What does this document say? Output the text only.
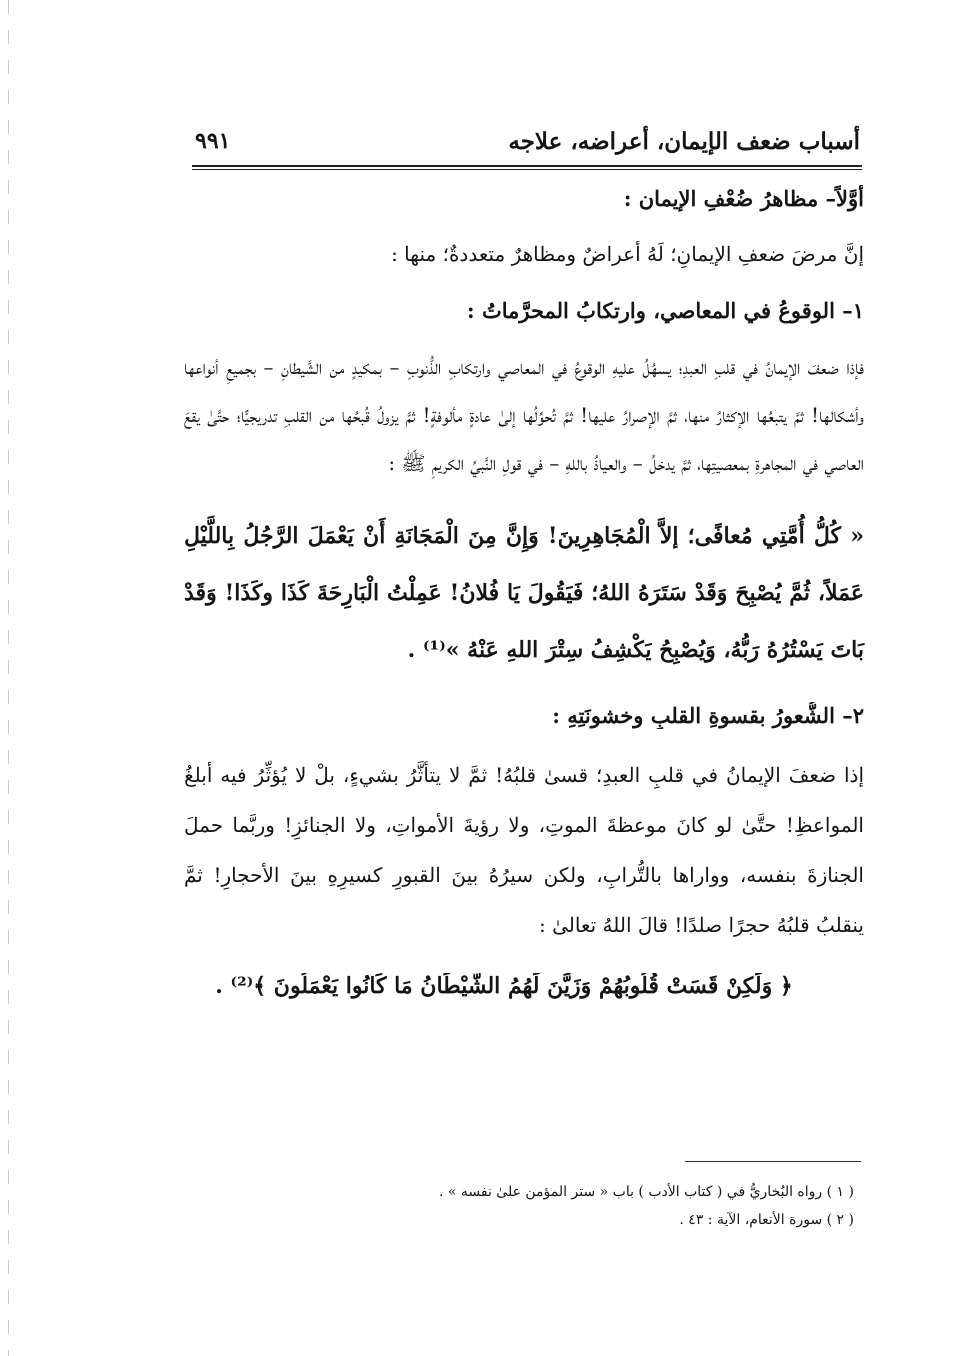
أسباب ضعف الإيمان، أعراضه، علاجه
٩٩١
أَوَّلاً– مظاهرُ ضُعْفِ الإيمان :
إنَّ مرضَ ضعفِ الإيمانِ؛ لَهُ أعراضٌ ومظاهرٌ متعددةٌ؛ منها :
١– الوقوعُ في المعاصي، وارتكابُ المحرَّماتُ :
فإذا ضعفَ الإيمانُ في قلبِ العبدِ؛ يسهُلُ عليهِ الوقوعُ في المعاصي وارتكابِ الذُّنوبِ – بمكيدٍ من الشَّيطانِ – بجميعِ أنواعها وأشكالها! ثمَّ يتبعُها الإكثارُ منها، ثمَّ الإصرارُ عليها! ثمَّ تُحوِّلُها إلىٰ عادةٍ مألوفةٍ! ثمَّ يزولُ قُبحُها من القلبِ تدريجيًّا؛ حتَّىٰ يقعَ العاصي في المجاهرةِ بمعصيتِها، ثمَّ يدخلُ – والعياذُ باللهِ – في قولِ النَّبيِّ الكريمِ ﷺ :
« كُلُّ أُمَّتِي مُعافًى؛ إلاَّ الْمُجَاهِرِينَ! وَإِنَّ مِنَ الْمَجَانَةِ أَنْ يَعْمَلَ الرَّجُلُ بِاللَّيْلِ عَمَلاً، ثُمَّ يُصْبِحَ وَقَدْ سَتَرَهُ اللهُ؛ فَيَقُولَ يَا فُلانُ! عَمِلْتُ الْبَارِحَةَ كَذَا وكَذَا! وَقَدْ بَاتَ يَسْتُرُهُ رَبُّهُ، وَيُصْبِحُ يَكْشِفُ سِتْرَ اللهِ عَنْهُ »⁽¹⁾ .
٢– الشُّعورُ بقسوةِ القلبِ وخشونَتِهِ :
إذا ضعفَ الإيمانُ في قلبِ العبدِ؛ قسىٰ قلبُهُ! ثمَّ لا يتأثَّرُ بشيءٍ، بلْ لا يُؤثِّرُ فيه أبلغُ المواعظِ! حتَّىٰ لو كانَ موعظةَ الموتِ، ولا رؤيةَ الأمواتِ، ولا الجنائزِ! وربَّما حملَ الجنازةَ بنفسه، وواراها بالتُّرابِ، ولكن سيرُهُ بينَ القبورِ كسيرِهِ بينَ الأحجارِ! ثمَّ ينقلبُ قلبُهُ حجرًا صلدًا! قالَ اللهُ تعالىٰ :
﴿ وَلَكِنْ قَسَتْ قُلُوبُهُمْ وَزَيَّنَ لَهُمُ الشَّيْطَانُ مَا كَانُوا يَعْمَلُونَ ﴾⁽²⁾ .
( ١ ) رواه البُخاريُّ في ( كتاب الأدب ) باب « ستر المؤمن علىٰ نفسه » .
( ٢ ) سورة الأنعام، الآية : ٤٣ .
